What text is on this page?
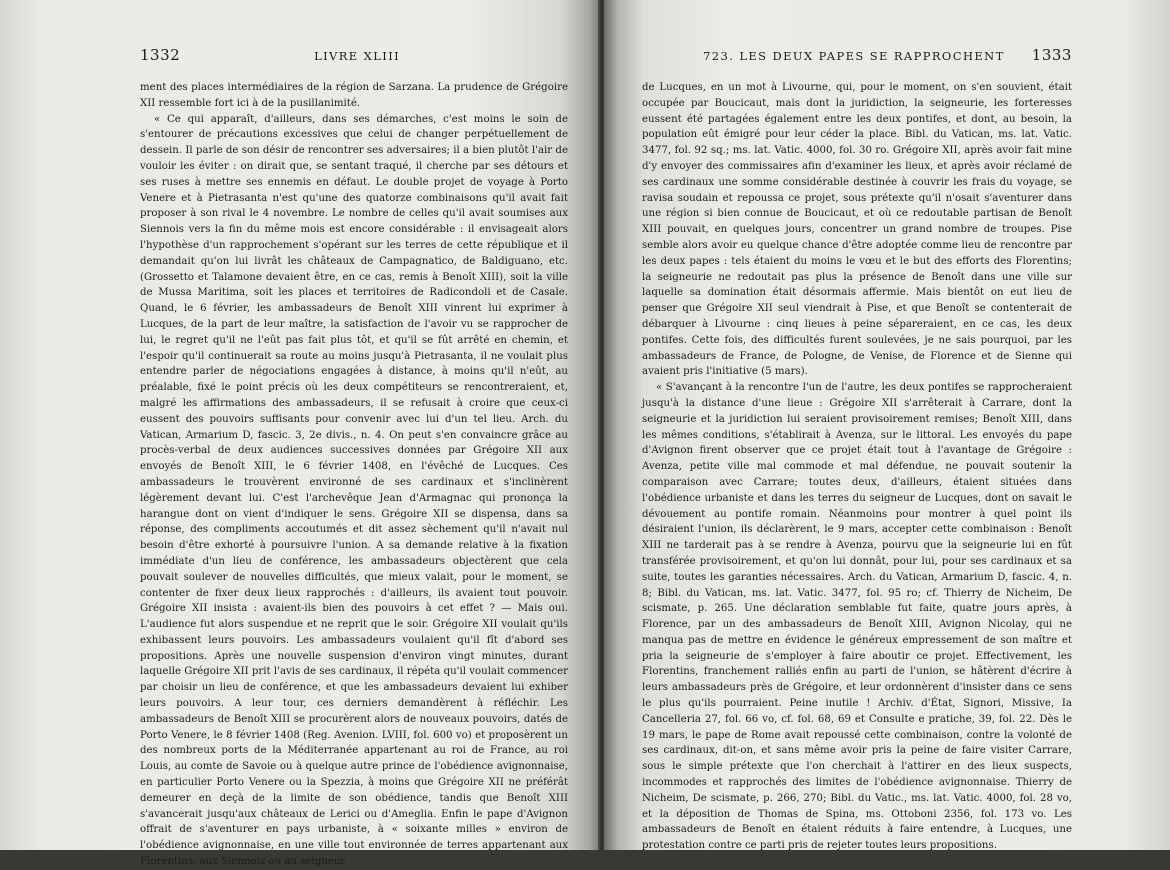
1332	LIVRE XLIII

ment des places intermédiaires de la région de Sarzana. La prudence de Grégoire XII ressemble fort ici à de la pusillanimité.

« Ce qui apparaît, d'ailleurs, dans ses démarches, c'est moins le soin de s'entourer de précautions excessives que celui de changer perpétuellement de dessein. Il parle de son désir de rencontrer ses adversaires; il a bien plutôt l'air de vouloir les éviter : on dirait que, se sentant traqué, il cherche par ses détours et ses ruses à mettre ses ennemis en défaut. Le double projet de voyage à Porto Venere et à Pietrasanta n'est qu'une des quatorze combinaisons qu'il avait fait proposer à son rival le 4 novembre. Le nombre de celles qu'il avait soumises aux Siennois vers la fin du même mois est encore considérable : il envisageait alors l'hypothèse d'un rapprochement s'opérant sur les terres de cette république et il demandait qu'on lui livrât les châteaux de Campagnatico, de Baldiguano, etc. (Grossetto et Talamone devaient être, en ce cas, remis à Benoît XIII), soit la ville de Mussa Maritima, soit les places et territoires de Radicondoli et de Casale. Quand, le 6 février, les ambassadeurs de Benoît XIII vinrent lui exprimer à Lucques, de la part de leur maître, la satisfaction de l'avoir vu se rapprocher de lui, le regret qu'il ne l'eût pas fait plus tôt, et qu'il se fût arrêté en chemin, et l'espoir qu'il continuerait sa route au moins jusqu'à Pietrasanta, il ne voulait plus entendre parler de négociations engagées à distance, à moins qu'il n'eût, au préalable, fixé le point précis où les deux compétiteurs se rencontreraient, et, malgré les affirmations des ambassadeurs, il se refusait à croire que ceux-ci eussent des pouvoirs suffisants pour convenir avec lui d'un tel lieu. Arch. du Vatican, Armarium D, fascic. 3, 2e divis., n. 4. On peut s'en convaincre grâce au procès-verbal de deux audiences successives données par Grégoire XII aux envoyés de Benoît XIII, le 6 février 1408, en l'évêché de Lucques. Ces ambassadeurs le trouvèrent environné de ses cardinaux et s'inclinèrent légèrement devant lui. C'est l'archevêque Jean d'Armagnac qui prononça la harangue dont on vient d'indiquer le sens. Grégoire XII se dispensa, dans sa réponse, des compliments accoutumés et dit assez sèchement qu'il n'avait nul besoin d'être exhorté à poursuivre l'union. A sa demande relative à la fixation immédiate d'un lieu de conférence, les ambassadeurs objectèrent que cela pouvait soulever de nouvelles difficultés, que mieux valait, pour le moment, se contenter de fixer deux lieux rapprochés : d'ailleurs, ils avaient tout pouvoir. Grégoire XII insista : avaient-ils bien des pouvoirs à cet effet ? — Mais oui. L'audience fut alors suspendue et ne reprit que le soir. Grégoire XII voulait qu'ils exhibassent leurs pouvoirs. Les ambassadeurs voulaient qu'il fît d'abord ses propositions. Après une nouvelle suspension d'environ vingt minutes, durant laquelle Grégoire XII prit l'avis de ses cardinaux, il répéta qu'il voulait commencer par choisir un lieu de conférence, et que les ambassadeurs devaient lui exhiber leurs pouvoirs. A leur tour, ces derniers demandèrent à réfléchir. Les ambassadeurs de Benoît XIII se procurèrent alors de nouveaux pouvoirs, datés de Porto Venere, le 8 février 1408 (Reg. Avenion. LVIII, fol. 600 vo) et proposèrent un des nombreux ports de la Méditerranée appartenant au roi de France, au roi Louis, au comte de Savoie ou à quelque autre prince de l'obédience avignonnaise, en particulier Porto Venere ou la Spezzia, à moins que Grégoire XII ne préférât demeurer en deçà de la limite de son obédience, tandis que Benoît XIII s'avancerait jusqu'aux châteaux de Lerici ou d'Ameglia. Enfin le pape d'Avignon offrait de s'aventurer en pays urbaniste, à « soixante milles » environ de l'obédience avignonnaise, en une ville tout environnée de terres appartenant aux Florentins, aux Siennois ou au seigneur

723. LES DEUX PAPES SE RAPPROCHENT 1333

de Lucques, en un mot à Livourne, qui, pour le moment, on s'en souvient, était occupée par Boucicaut, mais dont la juridiction, la seigneurie, les forteresses eussent été partagées également entre les deux pontifes, et dont, au besoin, la population eût émigré pour leur céder la place. Bibl. du Vatican, ms. lat. Vatic. 3477, fol. 92 sq.; ms. lat. Vatic. 4000, fol. 30 ro. Grégoire XII, après avoir fait mine d'y envoyer des commissaires afin d'examiner les lieux, et après avoir réclamé de ses cardinaux une somme considérable destinée à couvrir les frais du voyage, se ravisa soudain et repoussa ce projet, sous prétexte qu'il n'osait s'aventurer dans une région si bien connue de Boucicaut, et où ce redoutable partisan de Benoît XIII pouvait, en quelques jours, concentrer un grand nombre de troupes. Pise semble alors avoir eu quelque chance d'être adoptée comme lieu de rencontre par les deux papes : tels étaient du moins le vœu et le but des efforts des Florentins; la seigneurie ne redoutait pas plus la présence de Benoît dans une ville sur laquelle sa domination était désormais affermie. Mais bientôt on eut lieu de penser que Grégoire XII seul viendrait à Pise, et que Benoît se contenterait de débarquer à Livourne : cinq lieues à peine sépareraient, en ce cas, les deux pontifes. Cette fois, des difficultés furent soulevées, je ne sais pourquoi, par les ambassadeurs de France, de Pologne, de Venise, de Florence et de Sienne qui avaient pris l'initiative (5 mars).

« S'avançant à la rencontre l'un de l'autre, les deux pontifes se rapprocheraient jusqu'à la distance d'une lieue : Grégoire XII s'arrêterait à Carrare, dont la seigneurie et la juridiction lui seraient provisoirement remises; Benoît XIII, dans les mêmes conditions, s'établirait à Avenza, sur le littoral. Les envoyés du pape d'Avignon firent observer que ce projet était tout à l'avantage de Grégoire : Avenza, petite ville mal commode et mal défendue, ne pouvait soutenir la comparaison avec Carrare; toutes deux, d'ailleurs, étaient situées dans l'obédience urbaniste et dans les terres du seigneur de Lucques, dont on savait le dévouement au pontife romain. Néanmoins pour montrer à quel point ils désiraient l'union, ils déclarèrent, le 9 mars, accepter cette combinaison : Benoît XIII ne tarderait pas à se rendre à Avenza, pourvu que la seigneurie lui en fût transférée provisoirement, et qu'on lui donnât, pour lui, pour ses cardinaux et sa suite, toutes les garanties nécessaires. Arch. du Vatican, Armarium D, fascic. 4, n. 8; Bibl. du Vatican, ms. lat. Vatic. 3477, fol. 95 ro; cf. Thierry de Nicheim, De scismate, p. 265. Une déclaration semblable fut faite, quatre jours après, à Florence, par un des ambassadeurs de Benoît XIII, Avignon Nicolay, qui ne manqua pas de mettre en évidence le généreux empressement de son maître et pria la seigneurie de s'employer à faire aboutir ce projet. Effectivement, les Florentins, franchement ralliés enfin au parti de l'union, se hâtèrent d'écrire à leurs ambassadeurs près de Grégoire, et leur ordonnèrent d'insister dans ce sens le plus qu'ils pourraient. Peine inutile ! Archiv. d'État, Signori, Missive, Ia Cancelleria 27, fol. 66 vo, cf. fol. 68, 69 et Consulte e pratiche, 39, fol. 22. Dès le 19 mars, le pape de Rome avait repoussé cette combinaison, contre la volonté de ses cardinaux, dit-on, et sans même avoir pris la peine de faire visiter Carrare, sous le simple prétexte que l'on cherchait à l'attirer en des lieux suspects, incommodes et rapprochés des limites de l'obédience avignonnaise. Thierry de Nicheim, De scismate, p. 266, 270; Bibl. du Vatic., ms. lat. Vatic. 4000, fol. 28 vo, et la déposition de Thomas de Spina, ms. Ottoboni 2356, fol. 173 vo. Les ambassadeurs de Benoît en étaient réduits à faire entendre, à Lucques, une protestation contre ce parti pris de rejeter toutes leurs propositions.
